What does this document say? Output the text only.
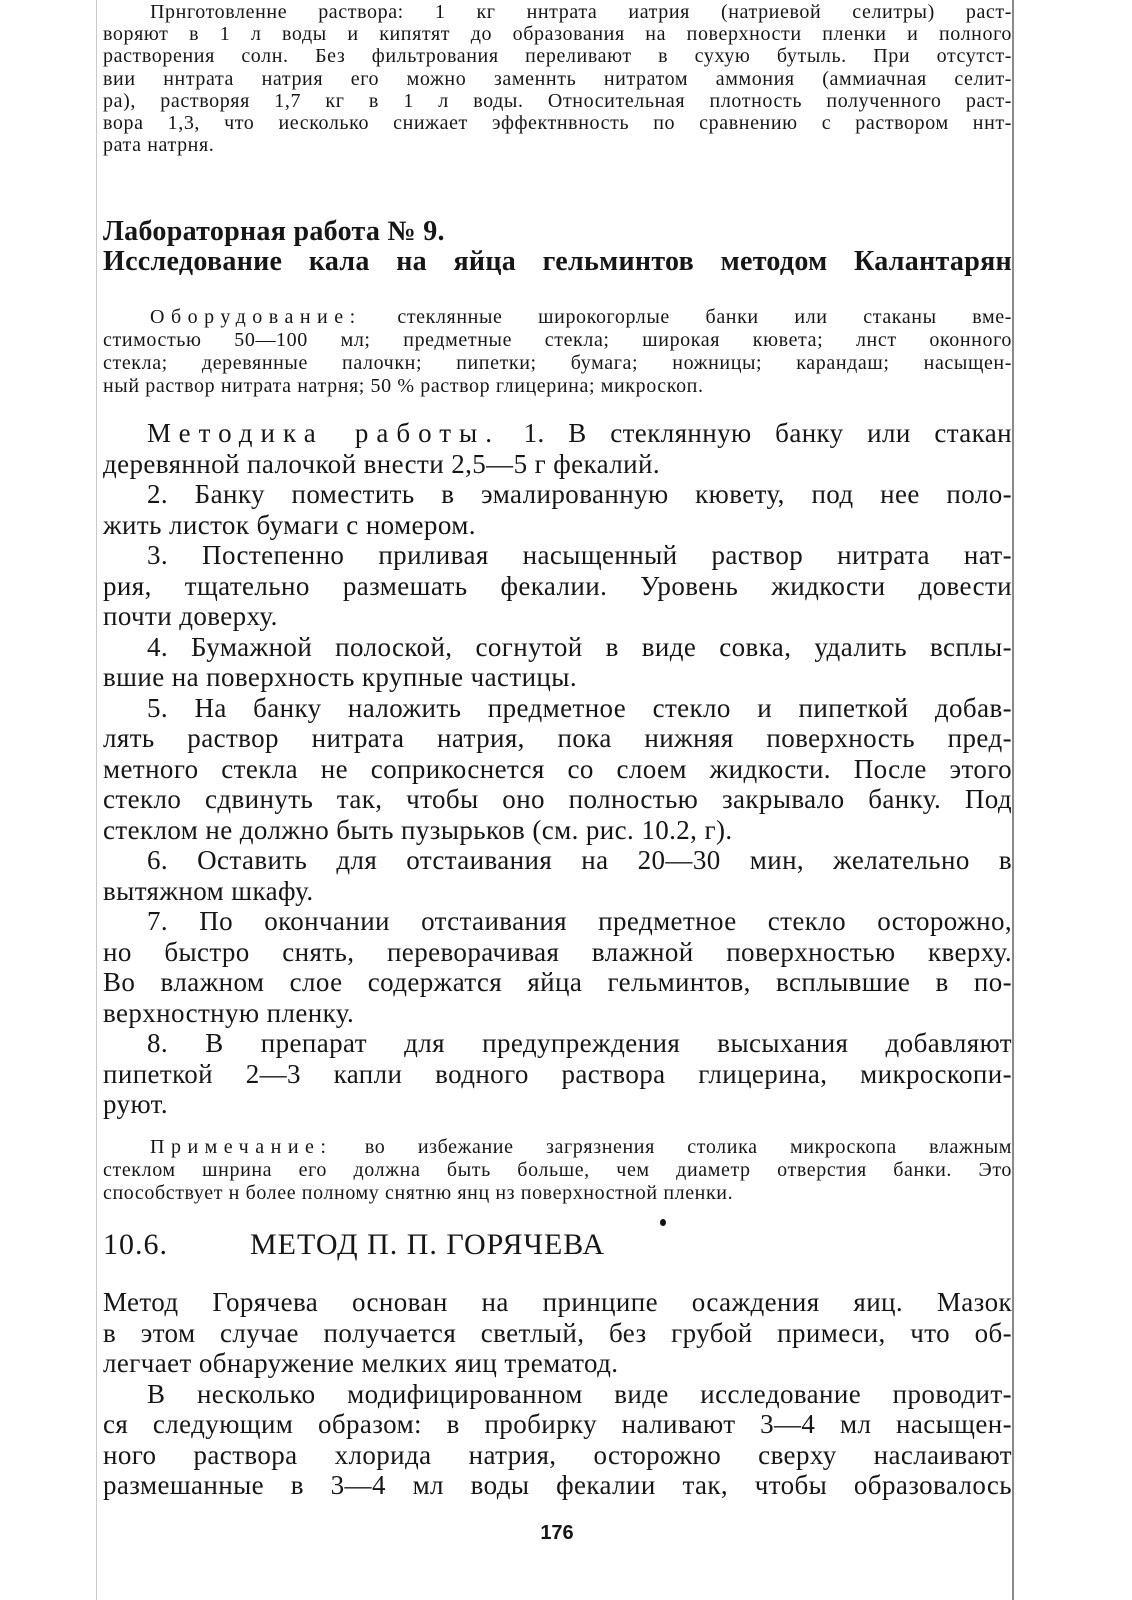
Прнготовленне раствора: 1 кг ннтрата иатрия (натриевой селитры) раст-
воряют в 1 л воды и кипятят до образования на поверхности пленки и полного
растворения солн. Без фильтрования переливают в сухую бутыль. При отсутст-
вии ннтрата натрия его можно заменнть нитратом аммония (аммиачная селит-
ра), растворяя 1,7 кг в 1 л воды. Относительная плотность полученного раст-
вора 1,3, что иесколько снижает эффектнвность по сравнению с раствором ннт-
рата натрня.
Лабораторная работа № 9.
Исследование кала на яйца гельминтов методом Калантарян
Оборудование: стеклянные широкогорлые банки или стаканы вме-
стимостью 50—100 мл; предметные стекла; широкая кювета; лнст оконного
стекла; деревянные палочкн; пипетки; бумага; ножницы; карандаш; насыщен-
ный раствор нитрата натрня; 50 % раствор глицерина; микроскоп.
Методика работы. 1. В стеклянную банку или стакан
деревянной палочкой внести 2,5—5 г фекалий.
2. Банку поместить в эмалированную кювету, под нее поло-
жить листок бумаги с номером.
3. Постепенно приливая насыщенный раствор нитрата нат-
рия, тщательно размешать фекалии. Уровень жидкости довести
почти доверху.
4. Бумажной полоской, согнутой в виде совка, удалить всплы-
вшие на поверхность крупные частицы.
5. На банку наложить предметное стекло и пипеткой добав-
лять раствор нитрата натрия, пока нижняя поверхность пред-
метного стекла не соприкоснется со слоем жидкости. После этого
стекло сдвинуть так, чтобы оно полностью закрывало банку. Под
стеклом не должно быть пузырьков (см. рис. 10.2, г).
6. Оставить для отстаивания на 20—30 мин, желательно в
вытяжном шкафу.
7. По окончании отстаивания предметное стекло осторожно,
но быстро снять, переворачивая влажной поверхностью кверху.
Во влажном слое содержатся яйца гельминтов, всплывшие в по-
верхностную пленку.
8. В препарат для предупреждения высыхания добавляют
пипеткой 2—3 капли водного раствора глицерина, микроскопи-
руют.
Примечание: во избежание загрязнения столика микроскопа влажным
стеклом шнрина его должна быть больше, чем диаметр отверстия банки. Это
способствует н более полному снятню янц нз поверхностной пленки.
10.6.	МЕТОД П. П. ГОРЯЧЕВА
Метод Горячева основан на принципе осаждения яиц. Мазок
в этом случае получается светлый, без грубой примеси, что об-
легчает обнаружение мелких яиц трематод.
В несколько модифицированном виде исследование проводит-
ся следующим образом: в пробирку наливают 3—4 мл насыщен-
ного раствора хлорида натрия, осторожно сверху наслаивают
размешанные в 3—4 мл воды фекалии так, чтобы образовалось
176
